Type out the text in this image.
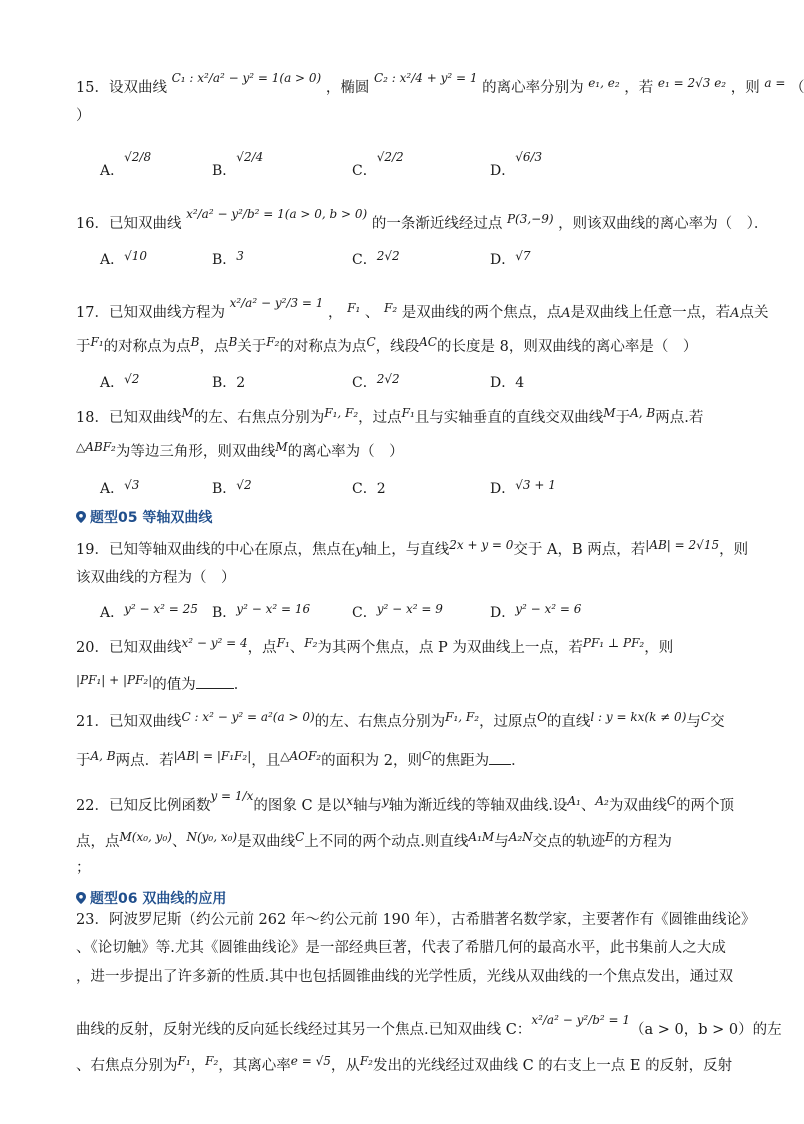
15．设双曲线 $^{C_1 : x^2/a^2 - y^2 = 1(a > 0)}$ ，椭圆 $^{C_2 : x^2/4 + y^2 = 1}$ 的离心率分别为 $^{e_1, e_2}$ ，若 $^{e_1 = 2√3 e_2}$ ，则 $^{a =}$ （
）
A．√2/8
B．√2/4
C．√2/2
D．√6/3
16．已知双曲线 $^{x^2/a^2 - y^2/b^2 = 1(a > 0, b > 0)}$ 的一条渐近线经过点 $^{P(3,-9)}$ ，则该双曲线的离心率为（　）．
A．√10	B．3	C．2√2	D．√7
17．已知双曲线方程为 $^{x^2/a^2 - y^2/3 = 1}$ ， $^{F_1}$ 、 $^{F_2}$ 是双曲线的两个焦点，点A是双曲线上任意一点，若A点关
于$^{F_1}$的对称点为点$^B$，点$^B$关于$^{F_2}$的对称点为点$^C$，线段$^{AC}$的长度是 8，则双曲线的离心率是（　）
A．√2	B．2	C．2√2	D．4
18．已知双曲线$^M$的左、右焦点分别为$^{F_1, F_2}$，过点$^{F_1}$且与实轴垂直的直线交双曲线$^M$于$^{A, B}$两点.若
$^{\triangle ABF_2}$为等边三角形，则双曲线$^M$的离心率为（　）
A．√3	B．√2	C．2	D．√3 + 1
题型05 等轴双曲线
19．已知等轴双曲线的中心在原点，焦点在y轴上，与直线$^{2x + y = 0}$交于 A，B 两点，若$^{|AB| = 2√15}$，则
该双曲线的方程为（　）
A．y² − x² = 25 B．y² − x² = 16	C．y² − x² = 9	D．y² − x² = 6
20．已知双曲线$^{x^2 - y^2 = 4}$，点$^{F_1}$、$^{F_2}$为其两个焦点，点 P 为双曲线上一点，若$^{PF_1 \perp PF_2}$，则
$^{|PF_1| + |PF_2|}$的值为	．
21．已知双曲线$^{C : x^2 - y^2 = a^2(a > 0)}$的左、右焦点分别为$^{F_1, F_2}$，过原点$^O$的直线$^{l : y = kx(k \ne 0)}$与$^C$交
于$^{A, B}$两点．若$^{|AB| = |F_1F_2|}$，且$^{\triangle AOF_2}$的面积为 2，则$^C$的焦距为 ．
22．已知反比例函数$^{y = 1/x}$的图象 C 是以$^x$轴与$^y$轴为渐近线的等轴双曲线.设$^{A_1}$、$^{A_2}$为双曲线$^C$的两个顶
点，点$^{M(x_0, y_0)}$、$^{N(y_0, x_0)}$是双曲线$^C$上不同的两个动点.则直线$^{A_1M}$与$^{A_2N}$交点的轨迹$^E$的方程为
；
题型06 双曲线的应用
23．阿波罗尼斯（约公元前 262 年～约公元前 190 年），古希腊著名数学家，主要著作有《圆锥曲线论》
、《论切触》等.尤其《圆锥曲线论》是一部经典巨著，代表了希腊几何的最高水平，此书集前人之大成
，进一步提出了许多新的性质.其中也包括圆锥曲线的光学性质，光线从双曲线的一个焦点发出，通过双
曲线的反射，反射光线的反向延长线经过其另一个焦点.已知双曲线 C：$^{x^2/a^2 - y^2/b^2 = 1}$（a > 0，b > 0）的左
、右焦点分别为$^{F_1}$，$^{F_2}$，其离心率$^{e = √5}$，从$^{F_2}$发出的光线经过双曲线 C 的右支上一点 E 的反射，反射
